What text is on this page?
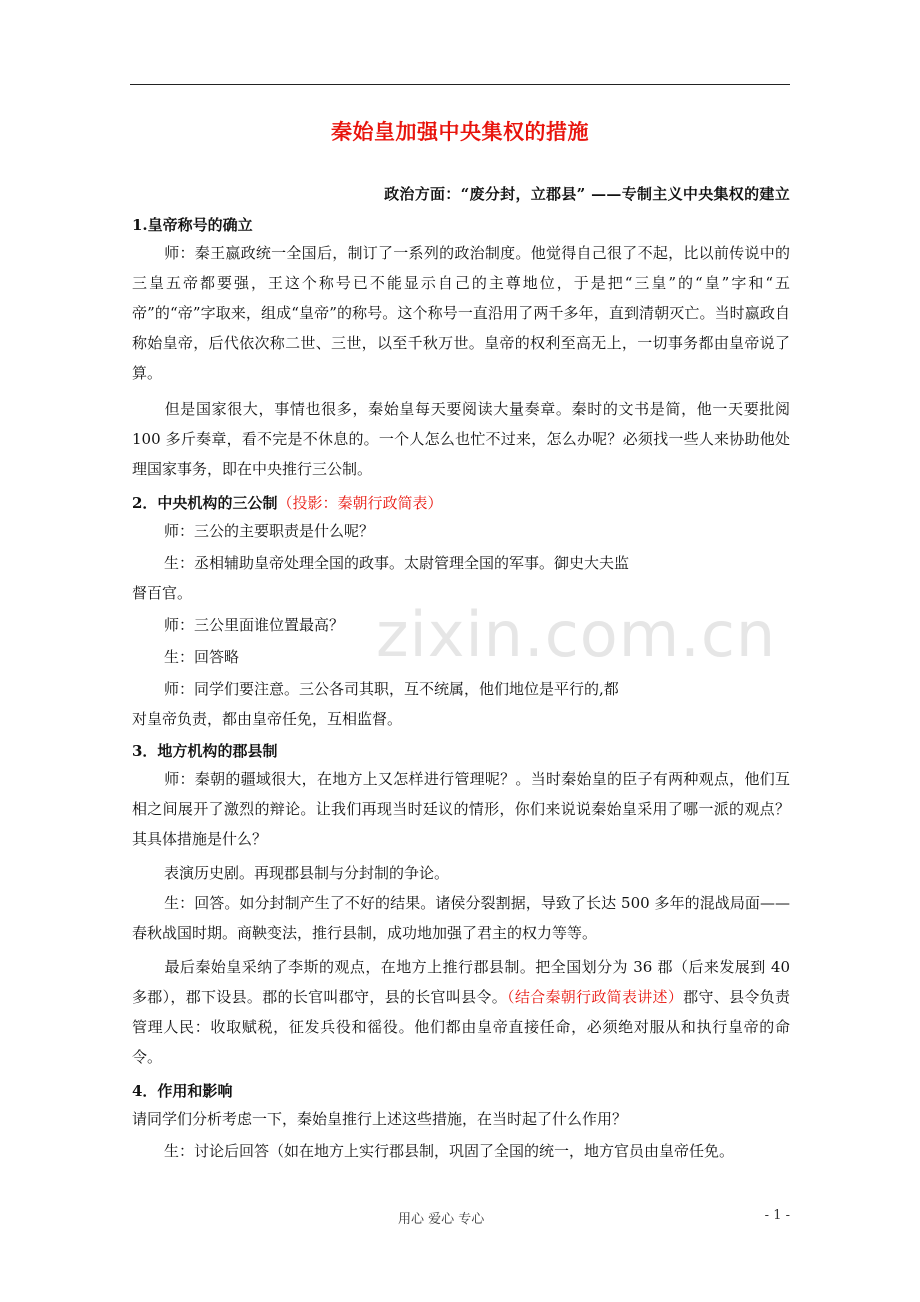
zixin.com.cn
秦始皇加强中央集权的措施
政治方面：“废分封，立郡县” ——专制主义中央集权的建立
1.皇帝称号的确立

师：秦王嬴政统一全国后，制订了一系列的政治制度。他觉得自己很了不起，比以前传说中的三皇五帝都要强，王这个称号已不能显示自己的主尊地位，于是把“三皇”的“皇”字和“五帝”的“帝”字取来，组成“皇帝”的称号。这个称号一直沿用了两千多年，直到清朝灭亡。当时嬴政自称始皇帝，后代依次称二世、三世，以至千秋万世。皇帝的权利至高无上，一切事务都由皇帝说了算。

但是国家很大，事情也很多，秦始皇每天要阅读大量奏章。秦时的文书是简，他一天要批阅 100 多斤奏章，看不完是不休息的。一个人怎么也忙不过来，怎么办呢？必须找一些人来协助他处理国家事务，即在中央推行三公制。

2．中央机构的三公制（投影：秦朝行政简表）

师：三公的主要职责是什么呢？

生：丞相辅助皇帝处理全国的政事。太尉管理全国的军事。御史大夫监

督百官。

师：三公里面谁位置最高？

生：回答略

师：同学们要注意。三公各司其职，互不统属，他们地位是平行的,都

对皇帝负责，都由皇帝任免，互相监督。

3．地方机构的郡县制

师：秦朝的疆域很大，在地方上又怎样进行管理呢？。当时秦始皇的臣子有两种观点，他们互相之间展开了激烈的辩论。让我们再现当时廷议的情形，你们来说说秦始皇采用了哪一派的观点？其具体措施是什么？

表演历史剧。再现郡县制与分封制的争论。

生：回答。如分封制产生了不好的结果。诸侯分裂割据，导致了长达 500 多年的混战局面——春秋战国时期。商鞅变法，推行县制，成功地加强了君主的权力等等。

最后秦始皇采纳了李斯的观点，在地方上推行郡县制。把全国划分为 36 郡（后来发展到 40 多郡），郡下设县。郡的长官叫郡守，县的长官叫县令。（结合秦朝行政简表讲述）郡守、县令负责管理人民：收取赋税，征发兵役和徭役。他们都由皇帝直接任命，必须绝对服从和执行皇帝的命令。

4．作用和影响

请同学们分析考虑一下，秦始皇推行上述这些措施，在当时起了什么作用？

生：讨论后回答（如在地方上实行郡县制，巩固了全国的统一，地方官员由皇帝任免。

用心 爱心 专心	- 1 -
